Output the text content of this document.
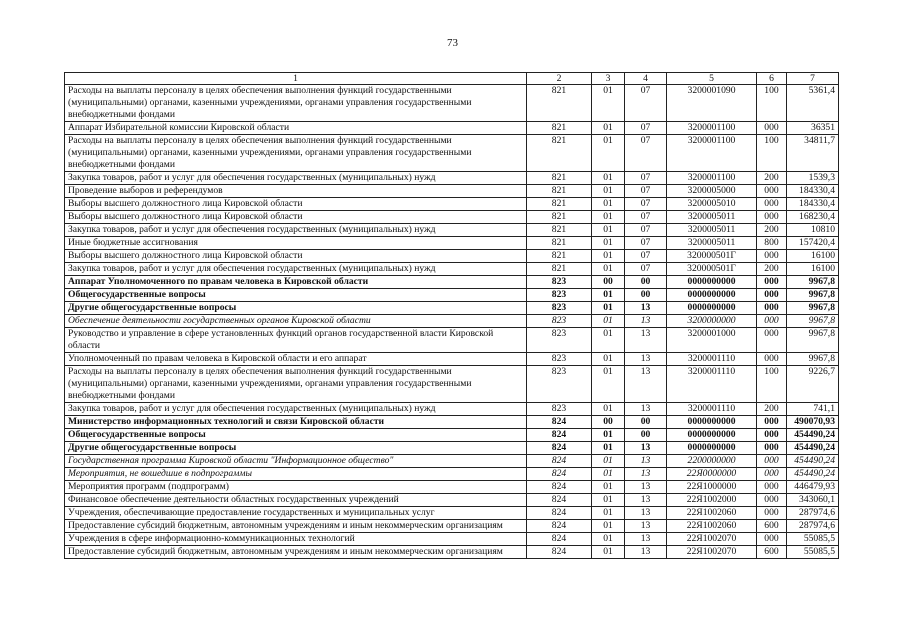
73
1	2	3	4	5	6	7
Расходы на выплаты персоналу в целях обеспечения выполнения функций государственными (муниципальными) органами, казенными учреждениями, органами управления государственными внебюджетными фондами	821	01	07	3200001090	100	5361,4
Аппарат Избирательной комиссии Кировской области	821	01	07	3200001100	000	36351
Расходы на выплаты персоналу в целях обеспечения выполнения функций государственными (муниципальными) органами, казенными учреждениями, органами управления государственными внебюджетными фондами	821	01	07	3200001100	100	34811,7
Закупка товаров, работ и услуг для обеспечения государственных (муниципальных) нужд	821	01	07	3200001100	200	1539,3
Проведение выборов и референдумов	821	01	07	3200005000	000	184330,4
Выборы высшего должностного лица Кировской области	821	01	07	3200005010	000	184330,4
Выборы высшего должностного лица Кировской области	821	01	07	3200005011	000	168230,4
Закупка товаров, работ и услуг для обеспечения государственных (муниципальных) нужд	821	01	07	3200005011	200	10810
Иные бюджетные ассигнования	821	01	07	3200005011	800	157420,4
Выборы высшего должностного лица Кировской области	821	01	07	320000501Г	000	16100
Закупка товаров, работ и услуг для обеспечения государственных (муниципальных) нужд	821	01	07	320000501Г	200	16100
Аппарат Уполномоченного по правам человека в Кировской области	823	00	00	0000000000	000	9967,8
Общегосударственные вопросы	823	01	00	0000000000	000	9967,8
Другие общегосударственные вопросы	823	01	13	0000000000	000	9967,8
Обеспечение деятельности государственных органов Кировской области	823	01	13	3200000000	000	9967,8
Руководство и управление в сфере установленных функций органов государственной власти Кировской области	823	01	13	3200001000	000	9967,8
Уполномоченный по правам человека в Кировской области и его аппарат	823	01	13	3200001110	000	9967,8
Расходы на выплаты персоналу в целях обеспечения выполнения функций государственными (муниципальными) органами, казенными учреждениями, органами управления государственными внебюджетными фондами	823	01	13	3200001110	100	9226,7
Закупка товаров, работ и услуг для обеспечения государственных (муниципальных) нужд	823	01	13	3200001110	200	741,1
Министерство информационных технологий и связи Кировской области	824	00	00	0000000000	000	490070,93
Общегосударственные вопросы	824	01	00	0000000000	000	454490,24
Другие общегосударственные вопросы	824	01	13	0000000000	000	454490,24
Государственная программа Кировской области "Информационное общество"	824	01	13	2200000000	000	454490,24
Мероприятия, не вошедшие в подпрограммы	824	01	13	22Я0000000	000	454490,24
Мероприятия программ (подпрограмм)	824	01	13	22Я1000000	000	446479,93
Финансовое обеспечение деятельности областных государственных учреждений	824	01	13	22Я1002000	000	343060,1
Учреждения, обеспечивающие предоставление государственных и муниципальных услуг	824	01	13	22Я1002060	000	287974,6
Предоставление субсидий бюджетным, автономным учреждениям и иным некоммерческим организациям	824	01	13	22Я1002060	600	287974,6
Учреждения в сфере информационно-коммуникационных технологий	824	01	13	22Я1002070	000	55085,5
Предоставление субсидий бюджетным, автономным учреждениям и иным некоммерческим организациям	824	01	13	22Я1002070	600	55085,5
